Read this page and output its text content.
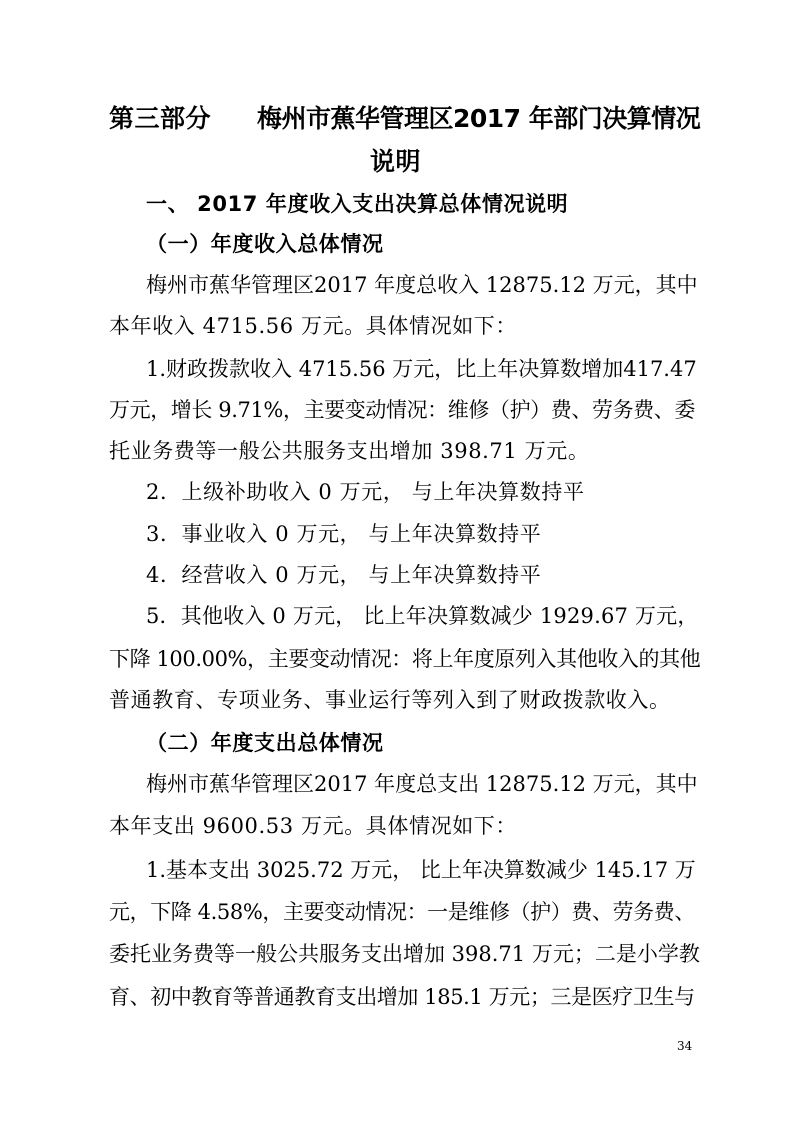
第三部分 梅州市蕉华管理区2017 年部门决算情况
说明
一、 2017 年度收入支出决算总体情况说明
（一）年度收入总体情况
梅州市蕉华管理区2017 年度总收入 12875.12 万元，其中
本年收入 4715.56 万元。具体情况如下：
1.财政拨款收入 4715.56 万元，比上年决算数增加417.47
万元，增长 9.71%，主要变动情况：维修（护）费、劳务费、委
托业务费等一般公共服务支出增加 398.71 万元。
2．上级补助收入 0 万元， 与上年决算数持平
3．事业收入 0 万元， 与上年决算数持平
4．经营收入 0 万元， 与上年决算数持平
5．其他收入 0 万元， 比上年决算数减少 1929.67 万元，
下降 100.00%，主要变动情况：将上年度原列入其他收入的其他
普通教育、专项业务、事业运行等列入到了财政拨款收入。
（二）年度支出总体情况
梅州市蕉华管理区2017 年度总支出 12875.12 万元，其中
本年支出 9600.53 万元。具体情况如下：
1.基本支出 3025.72 万元， 比上年决算数减少 145.17 万
元，下降 4.58%，主要变动情况：一是维修（护）费、劳务费、
委托业务费等一般公共服务支出增加 398.71 万元；二是小学教
育、初中教育等普通教育支出增加 185.1 万元；三是医疗卫生与
34
